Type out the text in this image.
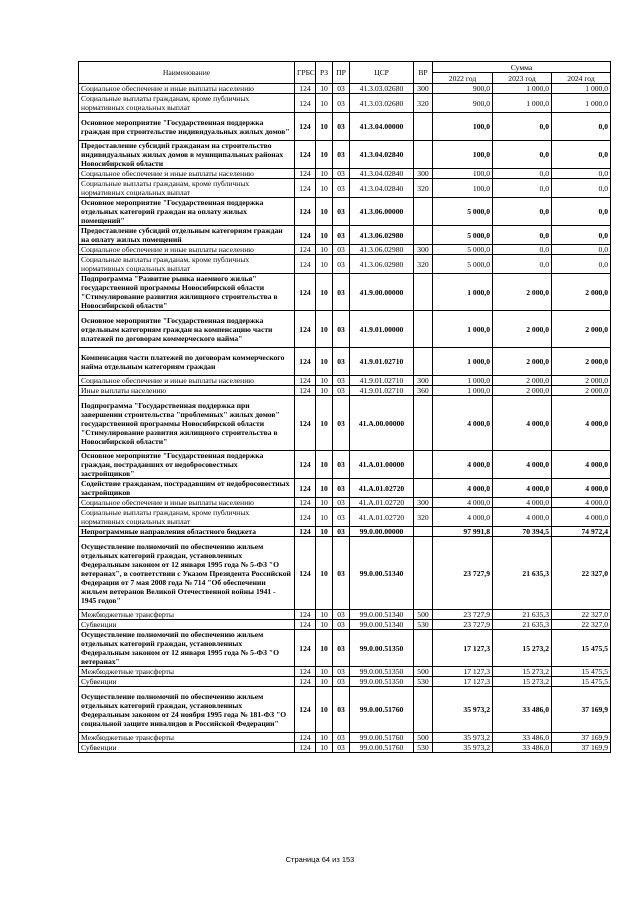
Наименование	ГРБС	РЗ	ПР	ЦСР	ВР	Сумма		
						2022 год	2023 год	2024 год
Социальное обеспечение и иные выплаты населению	124	10	03	41.3.03.02680	300	900,0	1 000,0	1 000,0
Социальные выплаты гражданам, кроме публичных нормативных социальных выплат	124	10	03	41.3.03.02680	320	900,0	1 000,0	1 000,0
Основное мероприятие "Государственная поддержка граждан при строительстве индивидуальных жилых домов"	124	10	03	41.3.04.00000		100,0	0,0	0,0
Предоставление субсидий гражданам на строительство индивидуальных жилых домов в муниципальных районах Новосибирской области	124	10	03	41.3.04.02840		100,0	0,0	0,0
Социальное обеспечение и иные выплаты населению	124	10	03	41.3.04.02840	300	100,0	0,0	0,0
Социальные выплаты гражданам, кроме публичных нормативных социальных выплат	124	10	03	41.3.04.02840	320	100,0	0,0	0,0
Основное мероприятие "Государственная поддержка отдельных категорий граждан на оплату жилых помещений"	124	10	03	41.3.06.00000		5 000,0	0,0	0,0
Предоставление субсидий отдельным категориям граждан на оплату жилых помещений	124	10	03	41.3.06.02980		5 000,0	0,0	0,0
Социальное обеспечение и иные выплаты населению	124	10	03	41.3.06.02980	300	5 000,0	0,0	0,0
Социальные выплаты гражданам, кроме публичных нормативных социальных выплат	124	10	03	41.3.06.02980	320	5 000,0	0,0	0,0
Подпрограмма "Развитие рынка наемного жилья" государственной программы Новосибирской области "Стимулирование развития жилищного строительства в Новосибирской области"	124	10	03	41.9.00.00000		1 000,0	2 000,0	2 000,0
Основное мероприятие "Государственная поддержка отдельным категориям граждан на компенсацию части платежей по договорам коммерческого найма"	124	10	03	41.9.01.00000		1 000,0	2 000,0	2 000,0
Компенсация части платежей по договорам коммерческого найма отдельным категориям граждан	124	10	03	41.9.01.02710		1 000,0	2 000,0	2 000,0
Социальное обеспечение и иные выплаты населению	124	10	03	41.9.01.02710	300	1 000,0	2 000,0	2 000,0
Иные выплаты населению	124	10	03	41.9.01.02710	360	1 000,0	2 000,0	2 000,0
Подпрограмма "Государственная поддержка при завершении строительства "проблемных" жилых домов" государственной программы Новосибирской области "Стимулирование развития жилищного строительства в Новосибирской области"	124	10	03	41.А.00.00000		4 000,0	4 000,0	4 000,0
Основное мероприятие "Государственная поддержка граждан, пострадавших от недобросовестных застройщиков"	124	10	03	41.А.01.00000		4 000,0	4 000,0	4 000,0
Содействие гражданам, пострадавшим от недобросовестных застройщиков	124	10	03	41.А.01.02720		4 000,0	4 000,0	4 000,0
Социальное обеспечение и иные выплаты населению	124	10	03	41.А.01.02720	300	4 000,0	4 000,0	4 000,0
Социальные выплаты гражданам, кроме публичных нормативных социальных выплат	124	10	03	41.А.01.02720	320	4 000,0	4 000,0	4 000,0
Непрограммные направления областного бюджета	124	10	03	99.0.00.00000		97 991,8	70 394,5	74 972,4
Осуществление полномочий по обеспечению жильем отдельных категорий граждан, установленных Федеральным законом от 12 января 1995 года № 5-ФЗ "О ветеранах", в соответствии с Указом Президента Российской Федерации от 7 мая 2008 года № 714 "Об обеспечении жильем ветеранов Великой Отечественной войны 1941 - 1945 годов"	124	10	03	99.0.00.51340		23 727,9	21 635,3	22 327,0
Межбюджетные трансферты	124	10	03	99.0.00.51340	500	23 727,9	21 635,3	22 327,0
Субвенции	124	10	03	99.0.00.51340	530	23 727,9	21 635,3	22 327,0
Осуществление полномочий по обеспечению жильем отдельных категорий граждан, установленных Федеральным законом от 12 января 1995 года № 5-ФЗ "О ветеранах"	124	10	03	99.0.00.51350		17 127,3	15 273,2	15 475,5
Межбюджетные трансферты	124	10	03	99.0.00.51350	500	17 127,3	15 273,2	15 475,5
Субвенции	124	10	03	99.0.00.51350	530	17 127,3	15 273,2	15 475,5
Осуществление полномочий по обеспечению жильем отдельных категорий граждан, установленных Федеральным законом от 24 ноября 1995 года № 181-ФЗ "О социальной защите инвалидов в Российской Федерации"	124	10	03	99.0.00.51760		35 973,2	33 486,0	37 169,9
Межбюджетные трансферты	124	10	03	99.0.00.51760	500	35 973,2	33 486,0	37 169,9
Субвенции	124	10	03	99.0.00.51760	530	35 973,2	33 486,0	37 169,9
Страница 64 из 153
